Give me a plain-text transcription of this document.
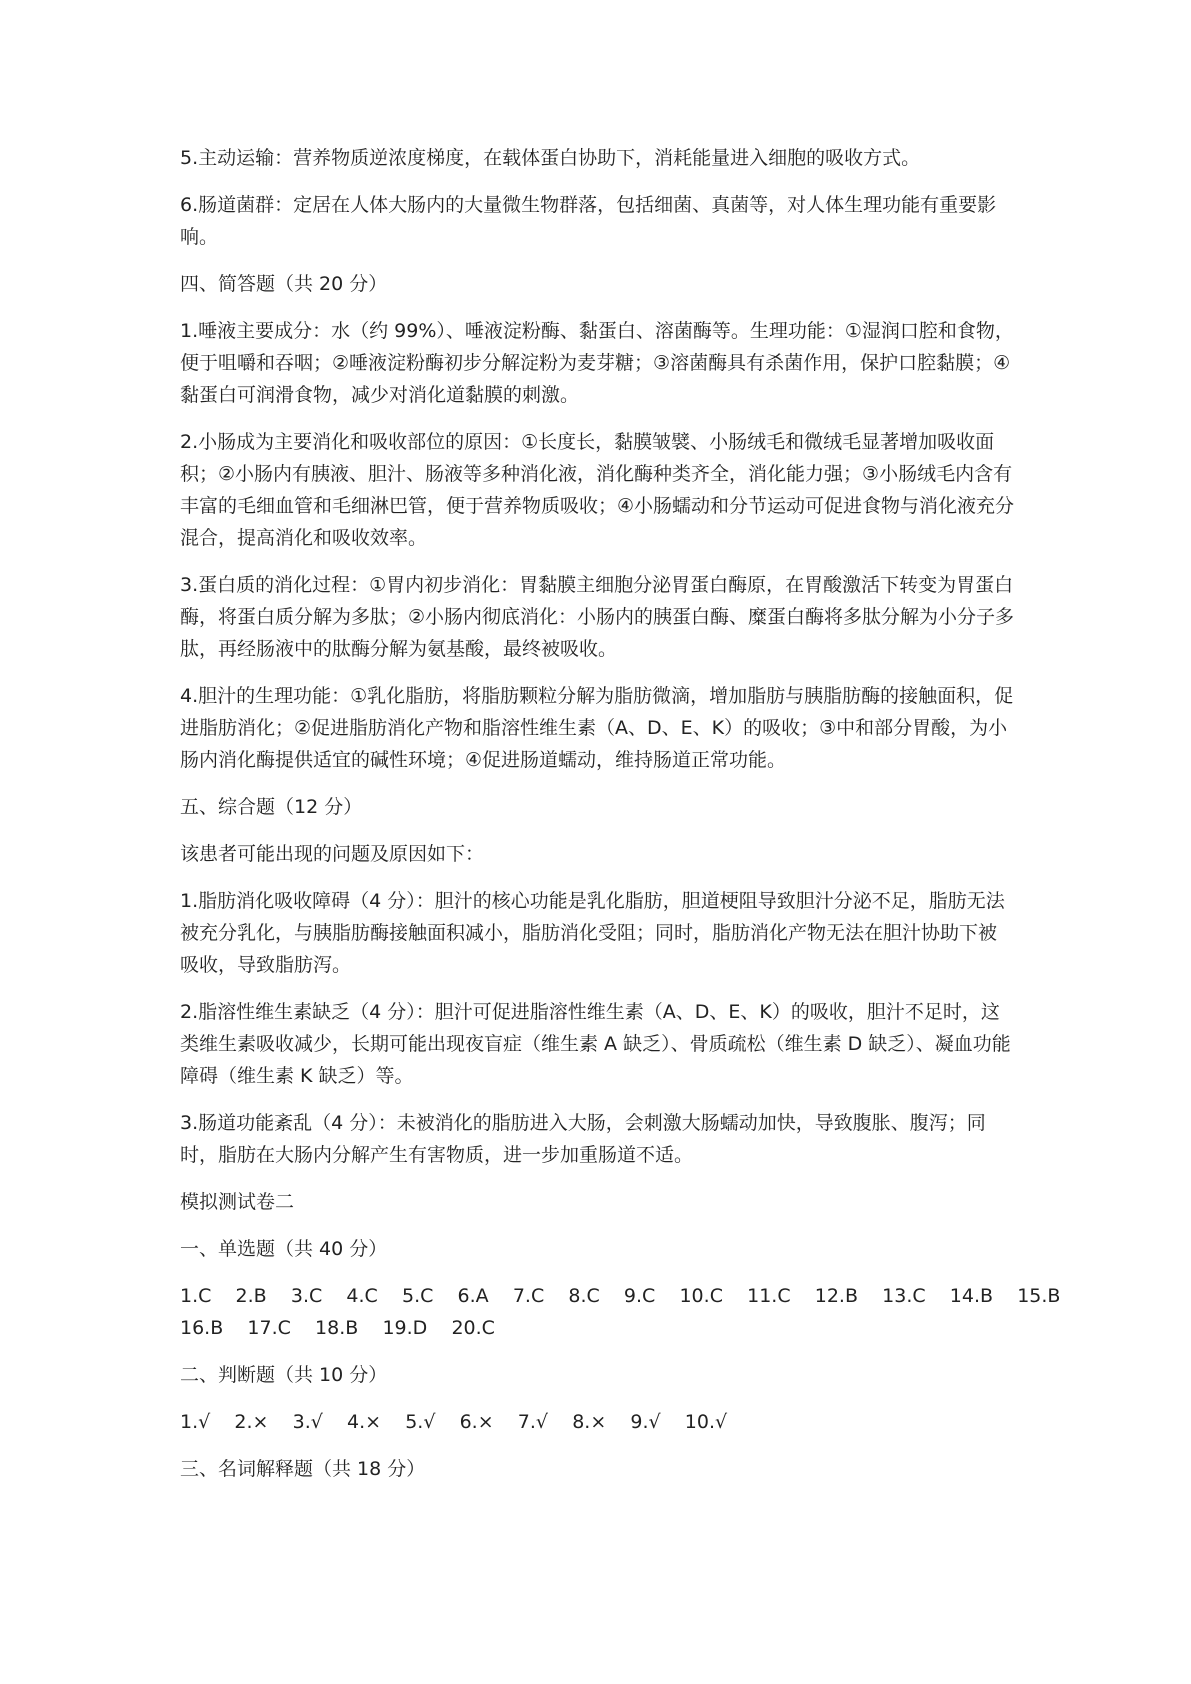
5.主动运输：营养物质逆浓度梯度，在载体蛋白协助下，消耗能量进入细胞的吸收方式。

6.肠道菌群：定居在人体大肠内的大量微生物群落，包括细菌、真菌等，对人体生理功能有重要影响。

四、简答题（共 20 分）

1.唾液主要成分：水（约 99%）、唾液淀粉酶、黏蛋白、溶菌酶等。生理功能：①湿润口腔和食物，便于咀嚼和吞咽；②唾液淀粉酶初步分解淀粉为麦芽糖；③溶菌酶具有杀菌作用，保护口腔黏膜；④黏蛋白可润滑食物，减少对消化道黏膜的刺激。

2.小肠成为主要消化和吸收部位的原因：①长度长，黏膜皱襞、小肠绒毛和微绒毛显著增加吸收面积；②小肠内有胰液、胆汁、肠液等多种消化液，消化酶种类齐全，消化能力强；③小肠绒毛内含有丰富的毛细血管和毛细淋巴管，便于营养物质吸收；④小肠蠕动和分节运动可促进食物与消化液充分混合，提高消化和吸收效率。

3.蛋白质的消化过程：①胃内初步消化：胃黏膜主细胞分泌胃蛋白酶原，在胃酸激活下转变为胃蛋白酶，将蛋白质分解为多肽；②小肠内彻底消化：小肠内的胰蛋白酶、糜蛋白酶将多肽分解为小分子多肽，再经肠液中的肽酶分解为氨基酸，最终被吸收。

4.胆汁的生理功能：①乳化脂肪，将脂肪颗粒分解为脂肪微滴，增加脂肪与胰脂肪酶的接触面积，促进脂肪消化；②促进脂肪消化产物和脂溶性维生素（A、D、E、K）的吸收；③中和部分胃酸，为小肠内消化酶提供适宜的碱性环境；④促进肠道蠕动，维持肠道正常功能。

五、综合题（12 分）

该患者可能出现的问题及原因如下：

1.脂肪消化吸收障碍（4 分）：胆汁的核心功能是乳化脂肪，胆道梗阻导致胆汁分泌不足，脂肪无法被充分乳化，与胰脂肪酶接触面积减小，脂肪消化受阻；同时，脂肪消化产物无法在胆汁协助下被吸收，导致脂肪泻。

2.脂溶性维生素缺乏（4 分）：胆汁可促进脂溶性维生素（A、D、E、K）的吸收，胆汁不足时，这类维生素吸收减少，长期可能出现夜盲症（维生素 A 缺乏）、骨质疏松（维生素 D 缺乏）、凝血功能障碍（维生素 K 缺乏）等。

3.肠道功能紊乱（4 分）：未被消化的脂肪进入大肠，会刺激大肠蠕动加快，导致腹胀、腹泻；同时，脂肪在大肠内分解产生有害物质，进一步加重肠道不适。

模拟测试卷二

一、单选题（共 40 分）

1.C    2.B    3.C    4.C    5.C    6.A    7.C    8.C    9.C    10.C    11.C    12.B    13.C    14.B    15.B

16.B    17.C    18.B    19.D    20.C

二、判断题（共 10 分）

1.√    2.×    3.√    4.×    5.√    6.×    7.√    8.×    9.√    10.√

三、名词解释题（共 18 分）
